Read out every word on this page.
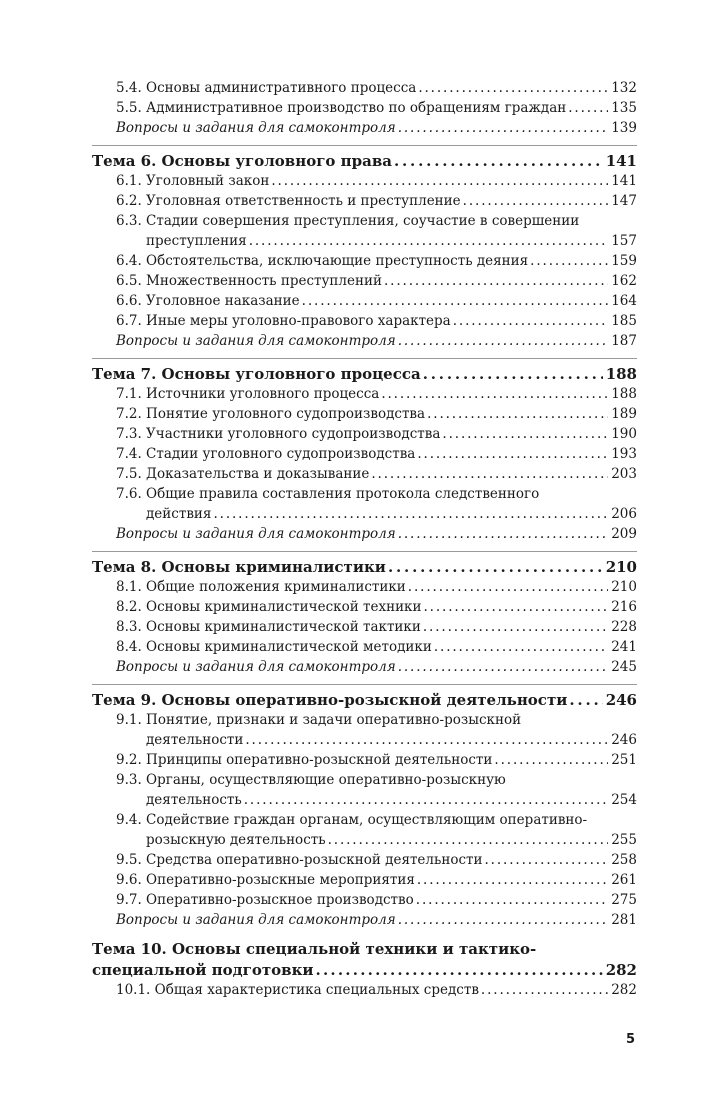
5.4. Основы административного процесса	132
. . .
5.5. Административное производство по обращениям граждан	135
. . .
Вопросы и задания для самоконтроля	139
. . .
Тема 6. Основы уголовного права	141
. . .
6.1. Уголовный закон	141
. . .
6.2. Уголовная ответственность и преступление	147
. . .
6.3. Стадии совершения преступления, соучастие в совершении
преступления	157
. . .
6.4. Обстоятельства, исключающие преступность деяния	159
. . .
6.5. Множественность преступлений	162
. . .
6.6. Уголовное наказание	164
. . .
6.7. Иные меры уголовно-правового характера	185
. . .
Вопросы и задания для самоконтроля	187
. . .
Тема 7. Основы уголовного процесса	188
. . .
7.1. Источники уголовного процесса	188
. . .
7.2. Понятие уголовного судопроизводства	189
. . .
7.3. Участники уголовного судопроизводства	190
. . .
7.4. Стадии уголовного судопроизводства	193
. . .
7.5. Доказательства и доказывание	203
. . .
7.6. Общие правила составления протокола следственного
действия	206
. . .
Вопросы и задания для самоконтроля	209
. . .
Тема 8. Основы криминалистики	210
. . .
8.1. Общие положения криминалистики	210
. . .
8.2. Основы криминалистической техники	216
. . .
8.3. Основы криминалистической тактики	228
. . .
8.4. Основы криминалистической методики	241
. . .
Вопросы и задания для самоконтроля	245
. . .
Тема 9. Основы оперативно-розыскной деятельности	246
. . .
9.1. Понятие, признаки и задачи оперативно-розыскной
деятельности	246
. . .
9.2. Принципы оперативно-розыскной деятельности	251
. . .
9.3. Органы, осуществляющие оперативно-розыскную
деятельность	254
. . .
9.4. Содействие граждан органам, осуществляющим оперативно-
розыскную деятельность	255
. . .
9.5. Средства оперативно-розыскной деятельности	258
. . .
9.6. Оперативно-розыскные мероприятия	261
. . .
9.7. Оперативно-розыскное производство	275
. . .
Вопросы и задания для самоконтроля	281
. . .
Тема 10. Основы специальной техники и тактико-
специальной подготовки	282
. . .
10.1. Общая характеристика специальных средств	282
. . .
5
